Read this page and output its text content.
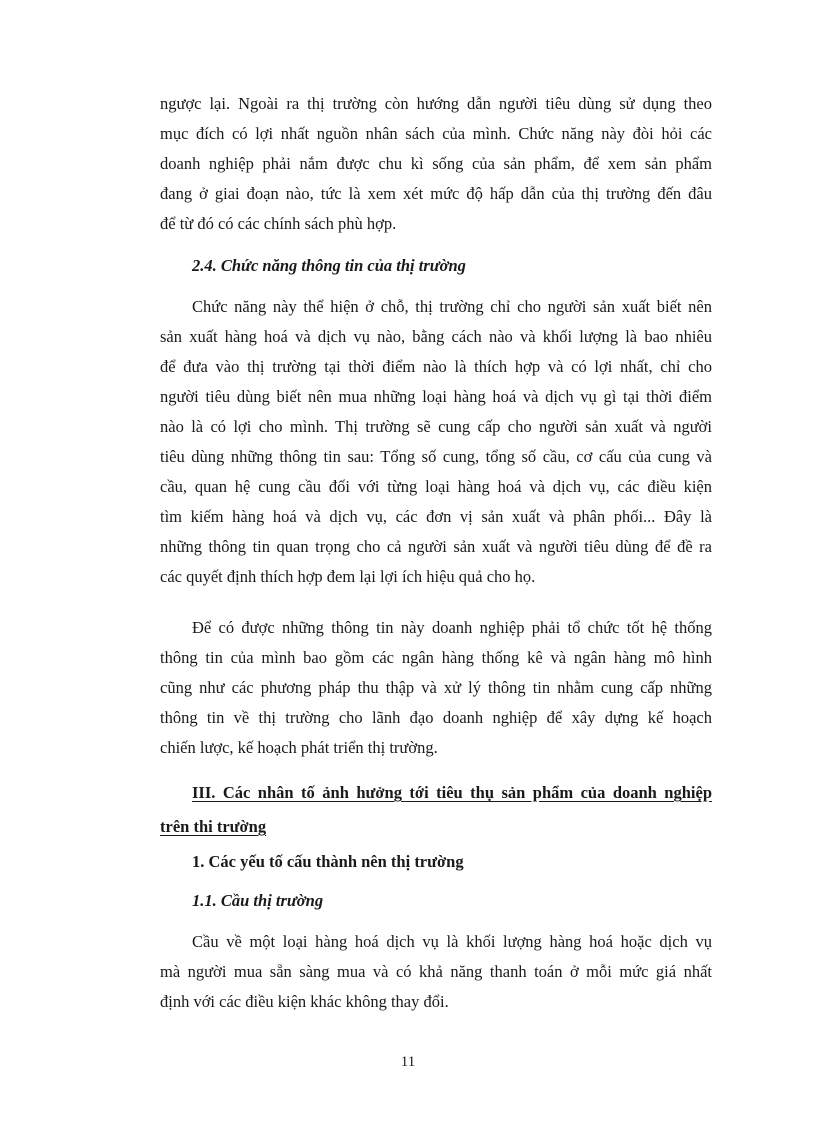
ngược lại. Ngoài ra thị trường còn hướng dẫn người tiêu dùng sử dụng theo
mục đích có lợi nhất nguồn nhân sách của mình. Chức năng này đòi hỏi các
doanh nghiệp phải nắm được chu kì sống của sản phẩm, để xem sản phẩm
đang ở giai đoạn nào, tức là xem xét mức độ hấp dẫn của thị trường đến đâu
để từ đó có các chính sách phù hợp.
2.4. Chức năng thông tin của thị trường
Chức năng này thể hiện ở chỗ, thị trường chỉ cho người sản xuất biết nên
sản xuất hàng hoá và dịch vụ nào, bằng cách nào và khối lượng là bao nhiêu
để đưa vào thị trường tại thời điểm nào là thích hợp và có lợi nhất, chỉ cho
người tiêu dùng biết nên mua những loại hàng hoá và dịch vụ gì tại thời điểm
nào là có lợi cho mình. Thị trường sẽ cung cấp cho người sản xuất và người
tiêu dùng những thông tin sau: Tổng số cung, tổng số cầu, cơ cấu của cung và
cầu, quan hệ cung cầu đối với từng loại hàng hoá và dịch vụ, các điều kiện
tìm kiếm hàng hoá và dịch vụ, các đơn vị sản xuất và phân phối... Đây là
những thông tin quan trọng cho cả người sản xuất và người tiêu dùng để đề ra
các quyết định thích hợp đem lại lợi ích hiệu quả cho họ.
Để có được những thông tin này doanh nghiệp phải tổ chức tốt hệ thống
thông tin của mình bao gồm các ngân hàng thống kê và ngân hàng mô hình
cũng như các phương pháp thu thập và xử lý thông tin nhằm cung cấp những
thông tin về thị trường cho lãnh đạo doanh nghiệp để xây dựng kế hoạch
chiến lược, kế hoạch phát triển thị trường.
III. Các nhân tố ảnh hưởng tới tiêu thụ sản phẩm của doanh nghiệp
trên thi trường
1. Các yếu tố cấu thành nên thị trường
1.1. Cầu thị trường
Cầu về một loại hàng hoá dịch vụ là khối lượng hàng hoá hoặc dịch vụ
mà người mua sẵn sàng mua và có khả năng thanh toán ở mỗi mức giá nhất
định với các điều kiện khác không thay đổi.
11
